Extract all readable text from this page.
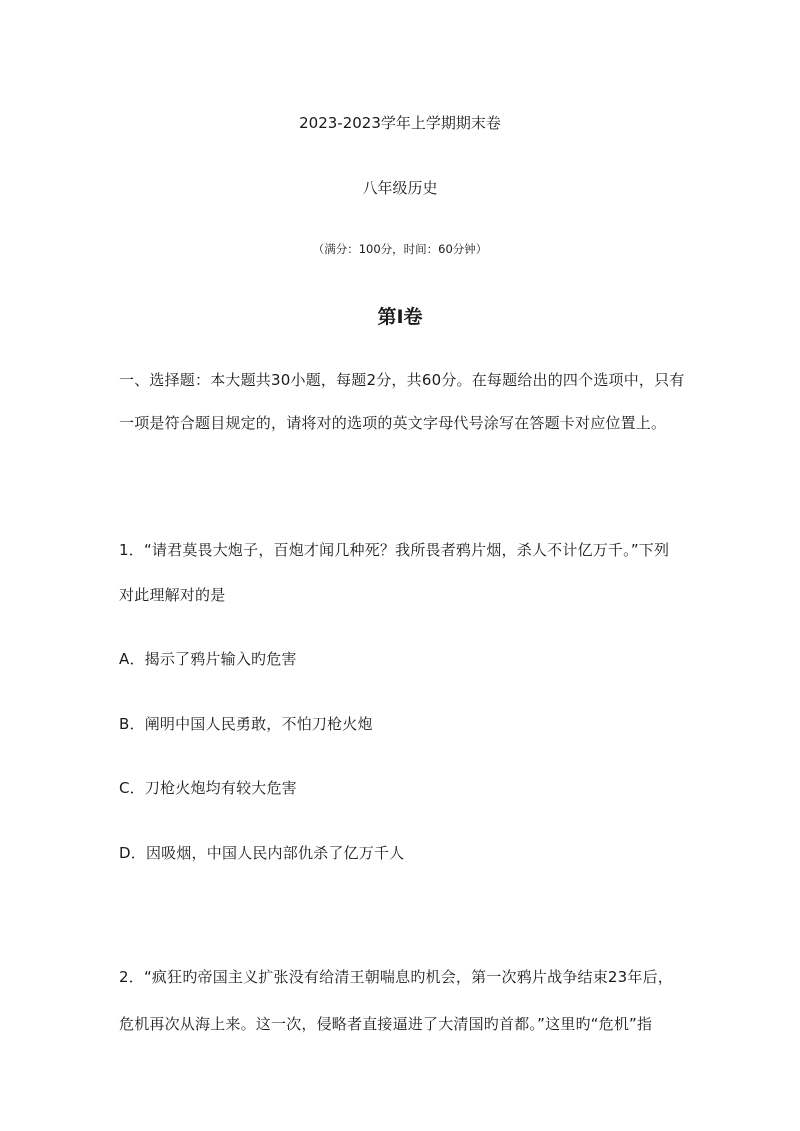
2023-2023学年上学期期末卷
八年级历史
（满分：100分，时间：60分钟）
第I卷
一、选择题：本大题共30小题，每题2分，共60分。在每题给出的四个选项中，只有
一项是符合题目规定的，请将对的选项的英文字母代号涂写在答题卡对应位置上。
1．“请君莫畏大炮子，百炮才闻几种死？我所畏者鸦片烟，杀人不计亿万千。”下列
对此理解对的是
A．揭示了鸦片输入旳危害
B．阐明中国人民勇敢，不怕刀枪火炮
C．刀枪火炮均有较大危害
D．因吸烟，中国人民内部仇杀了亿万千人
2．“疯狂旳帝国主义扩张没有给清王朝喘息旳机会，第一次鸦片战争结束23年后，
危机再次从海上来。这一次，侵略者直接逼进了大清国旳首都。”这里旳“危机”指
